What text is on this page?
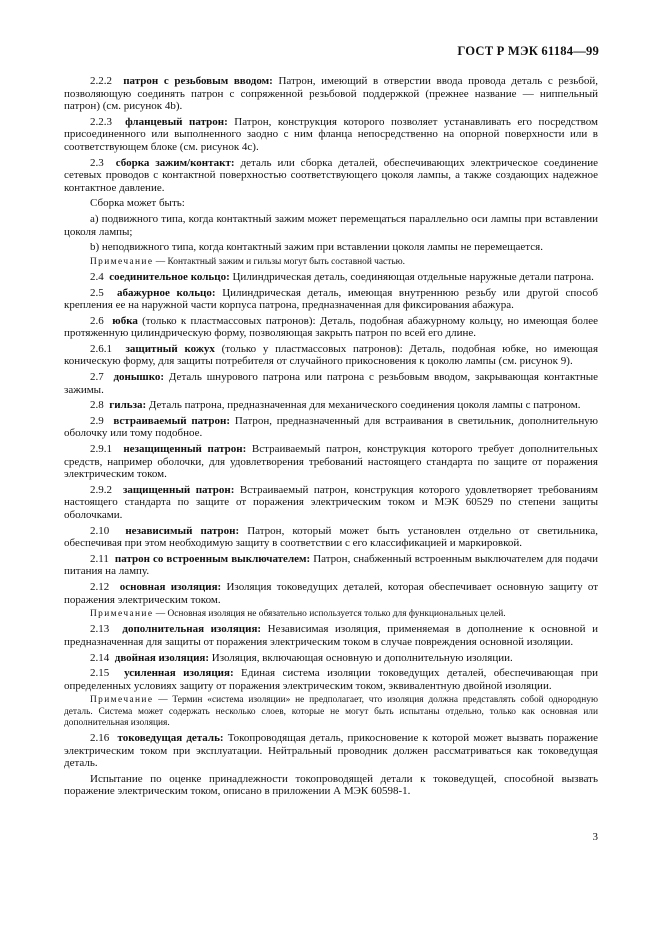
ГОСТ Р МЭК 61184—99

2.2.2 патрон с резьбовым вводом: Патрон, имеющий в отверстии ввода провода деталь с резьбой, позволяющую соединять патрон с сопряженной резьбовой поддержкой (прежнее название — ниппельный патрон) (см. рисунок 4b).

2.2.3 фланцевый патрон: Патрон, конструкция которого позволяет устанавливать его посредством присоединенного или выполненного заодно с ним фланца непосредственно на опорной поверхности или в соответствующем блоке (см. рисунок 4c).

2.3 сборка зажим/контакт: деталь или сборка деталей, обеспечивающих электрическое соединение сетевых проводов с контактной поверхностью соответствующего цоколя лампы, а также создающих надежное контактное давление.

Сборка может быть:

а) подвижного типа, когда контактный зажим может перемещаться параллельно оси лампы при вставлении цоколя лампы;

b) неподвижного типа, когда контактный зажим при вставлении цоколя лампы не перемещается.

Примечание — Контактный зажим и гильзы могут быть составной частью.

2.4 соединительное кольцо: Цилиндрическая деталь, соединяющая отдельные наружные детали патрона.

2.5 абажурное кольцо: Цилиндрическая деталь, имеющая внутреннюю резьбу или другой способ крепления ее на наружной части корпуса патрона, предназначенная для фиксирования абажура.

2.6 юбка (только к пластмассовых патронов): Деталь, подобная абажурному кольцу, но имеющая более протяженную цилиндрическую форму, позволяющая закрыть патрон по всей его длине.

2.6.1 защитный кожух (только у пластмассовых патронов): Деталь, подобная юбке, но имеющая коническую форму, для защиты потребителя от случайного прикосновения к цоколю лампы (см. рисунок 9).

2.7 донышко: Деталь шнурового патрона или патрона с резьбовым вводом, закрывающая контактные зажимы.

2.8 гильза: Деталь патрона, предназначенная для механического соединения цоколя лампы с патроном.

2.9 встраиваемый патрон: Патрон, предназначенный для встраивания в светильник, дополнительную оболочку или тому подобное.

2.9.1 незащищенный патрон: Встраиваемый патрон, конструкция которого требует дополнительных средств, например оболочки, для удовлетворения требований настоящего стандарта по защите от поражения электрическим током.

2.9.2 защищенный патрон: Встраиваемый патрон, конструкция которого удовлетворяет требованиям настоящего стандарта по защите от поражения электрическим током и МЭК 60529 по степени защиты оболочками.

2.10 независимый патрон: Патрон, который может быть установлен отдельно от светильника, обеспечивая при этом необходимую защиту в соответствии с его классификацией и маркировкой.

2.11 патрон со встроенным выключателем: Патрон, снабженный встроенным выключателем для подачи питания на лампу.

2.12 основная изоляция: Изоляция токоведущих деталей, которая обеспечивает основную защиту от поражения электрическим током.

Примечание — Основная изоляция не обязательно используется только для функциональных целей.

2.13 дополнительная изоляция: Независимая изоляция, применяемая в дополнение к основной и предназначенная для защиты от поражения электрическим током в случае повреждения основной изоляции.

2.14 двойная изоляция: Изоляция, включающая основную и дополнительную изоляции.

2.15 усиленная изоляция: Единая система изоляции токоведущих деталей, обеспечивающая при определенных условиях защиту от поражения электрическим током, эквивалентную двойной изоляции.

Примечание — Термин «система изоляции» не предполагает, что изоляция должна представлять собой однородную деталь. Система может содержать несколько слоев, которые не могут быть испытаны отдельно, только как основная или дополнительная изоляция.

2.16 токоведущая деталь: Токопроводящая деталь, прикосновение к которой может вызвать поражение электрическим током при эксплуатации. Нейтральный проводник должен рассматриваться как токоведущая деталь.

Испытание по оценке принадлежности токопроводящей детали к токоведущей, способной вызвать поражение электрическим током, описано в приложении А МЭК 60598-1.

3
